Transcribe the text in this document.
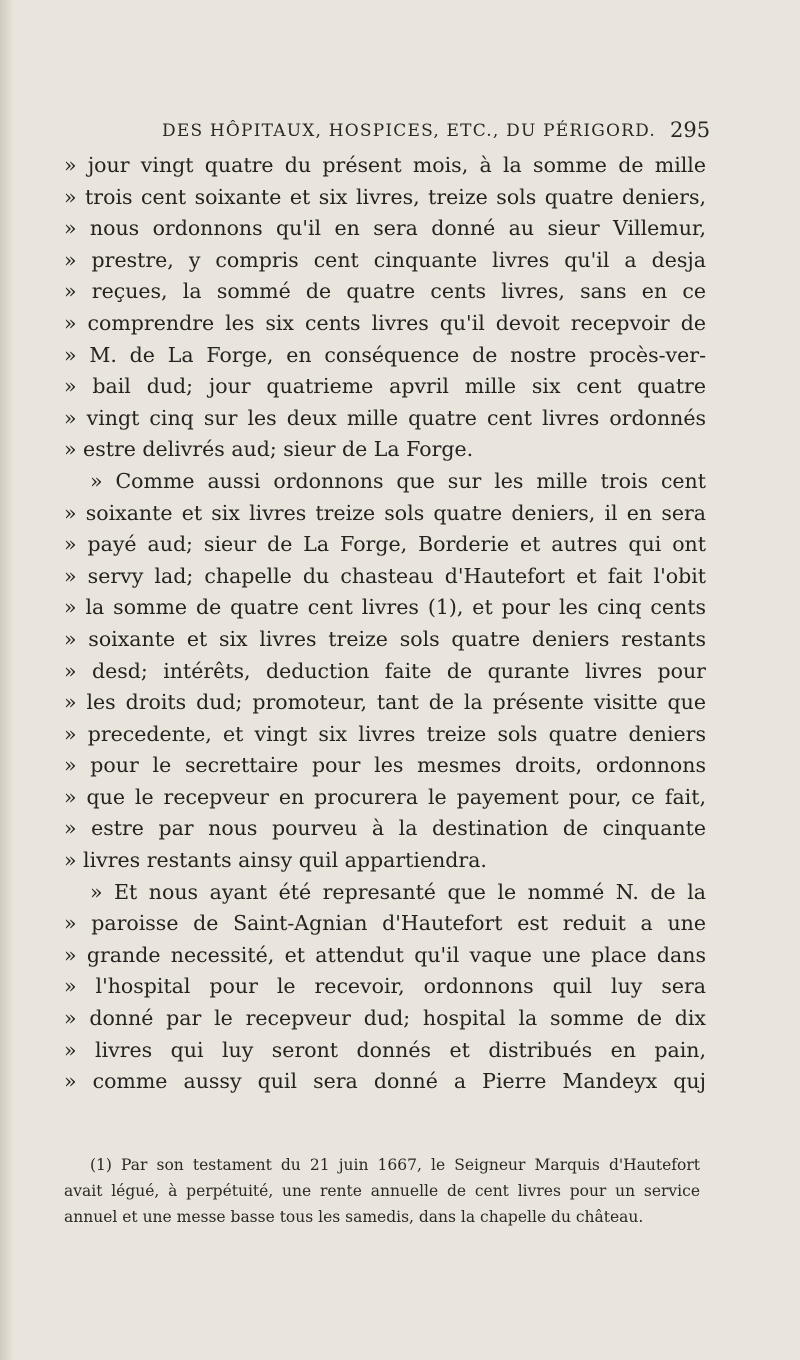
DES HÔPITAUX, HOSPICES, ETC., DU PÉRIGORD. 295
» jour vingt quatre du présent mois, à la somme de mille
» trois cent soixante et six livres, treize sols quatre deniers,
» nous ordonnons qu'il en sera donné au sieur Villemur,
» prestre, y compris cent cinquante livres qu'il a desja
» reçues, la sommé de quatre cents livres, sans en ce
» comprendre les six cents livres qu'il devoit recepvoir de
» M. de La Forge, en conséquence de nostre procès-ver-
» bail dud; jour quatrieme apvril mille six cent quatre
» vingt cinq sur les deux mille quatre cent livres ordonnés
» estre delivrés aud; sieur de La Forge.
» Comme aussi ordonnons que sur les mille trois cent
» soixante et six livres treize sols quatre deniers, il en sera
» payé aud; sieur de La Forge, Borderie et autres qui ont
» servy lad; chapelle du chasteau d'Hautefort et fait l'obit
» la somme de quatre cent livres (1), et pour les cinq cents
» soixante et six livres treize sols quatre deniers restants
» desd; intérêts, deduction faite de qurante livres pour
» les droits dud; promoteur, tant de la présente visitte que
» precedente, et vingt six livres treize sols quatre deniers
» pour le secrettaire pour les mesmes droits, ordonnons
» que le recepveur en procurera le payement pour, ce fait,
» estre par nous pourveu à la destination de cinquante
» livres restants ainsy quil appartiendra.
» Et nous ayant été represanté que le nommé N. de la
» paroisse de Saint-Agnian d'Hautefort est reduit a une
» grande necessité, et attendut qu'il vaque une place dans
» l'hospital pour le recevoir, ordonnons quil luy sera
» donné par le recepveur dud; hospital la somme de dix
» livres qui luy seront donnés et distribués en pain,
» comme aussy quil sera donné a Pierre Mandeyx quj
(1) Par son testament du 21 juin 1667, le Seigneur Marquis d'Hautefort
avait légué, à perpétuité, une rente annuelle de cent livres pour un service
annuel et une messe basse tous les samedis, dans la chapelle du château.
